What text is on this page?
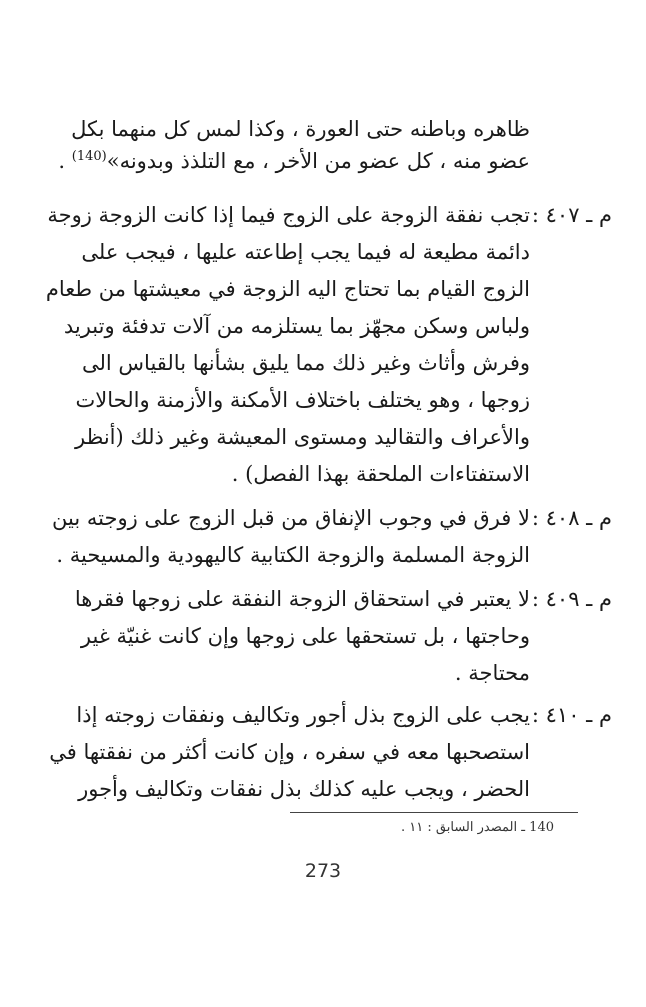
ظاهره وباطنه حتى العورة ، وكذا لمس كل منهما بكل
عضو منه ، كل عضو من الأخر ، مع التلذذ وبدونه»$^{(140)}$ .
م ـ ٤٠٧ :
تجب نفقة الزوجة على الزوج فيما إذا كانت الزوجة زوجة
دائمة مطيعة له فيما يجب إطاعته عليها ، فيجب على
الزوج القيام بما تحتاج اليه الزوجة في معيشتها من طعام
ولباس وسكن مجهّز بما يستلزمه من آلات تدفئة وتبريد
وفرش وأثاث وغير ذلك مما يليق بشأنها بالقياس الى
زوجها ، وهو يختلف باختلاف الأمكنة والأزمنة والحالات
والأعراف والتقاليد ومستوى المعيشة وغير ذلك (أنظر
الاستفتاءات الملحقة بهذا الفصل) .
م ـ ٤٠٨ :
لا فرق في وجوب الإنفاق من قبل الزوج على زوجته بين
الزوجة المسلمة والزوجة الكتابية كاليهودية والمسيحية .
م ـ ٤٠٩ :
لا يعتبر في استحقاق الزوجة النفقة على زوجها فقرها
وحاجتها ، بل تستحقها على زوجها وإن كانت غنيّة غير
محتاجة .
م ـ ٤١٠ :
يجب على الزوج بذل أجور وتكاليف ونفقات زوجته إذا
استصحبها معه في سفره ، وإن كانت أكثر من نفقتها في
الحضر ، ويجب عليه كذلك بذل نفقات وتكاليف وأجور
140 ـ المصدر السابق : ١١ .
273
